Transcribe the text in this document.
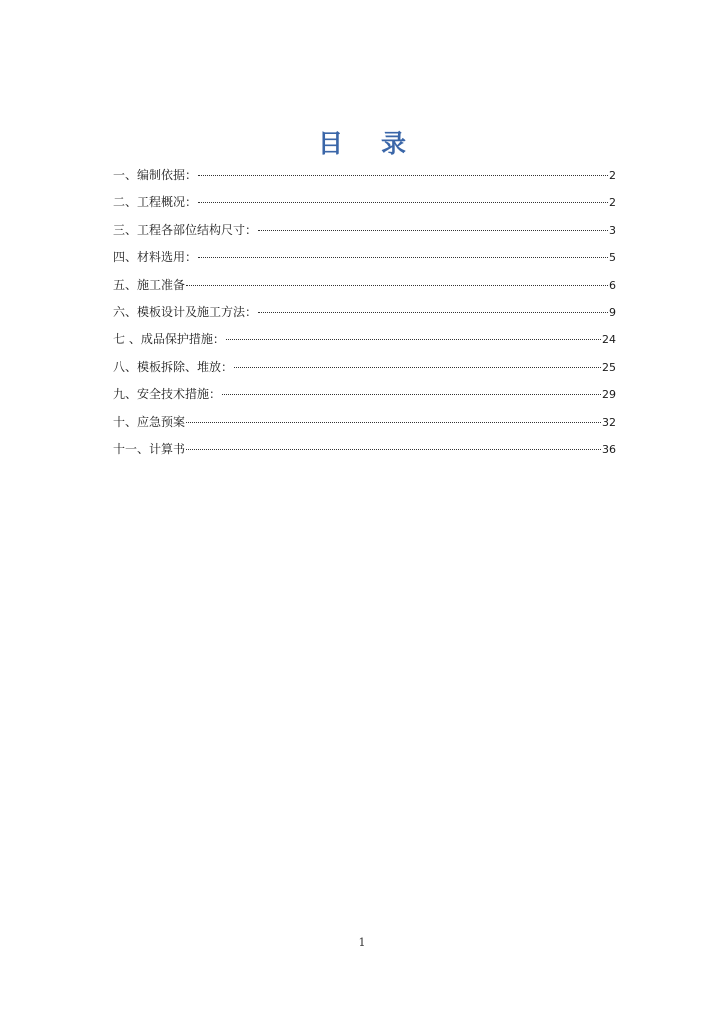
目录
一、编制依据：	2
二、工程概况：	2
三、工程各部位结构尺寸：	3
四、材料选用：	5
五、施工准备	6
六、模板设计及施工方法：	9
七 、成品保护措施：	24
八、模板拆除、堆放：	25
九、安全技术措施：	29
十、应急预案	32
十一、计算书	36
1
